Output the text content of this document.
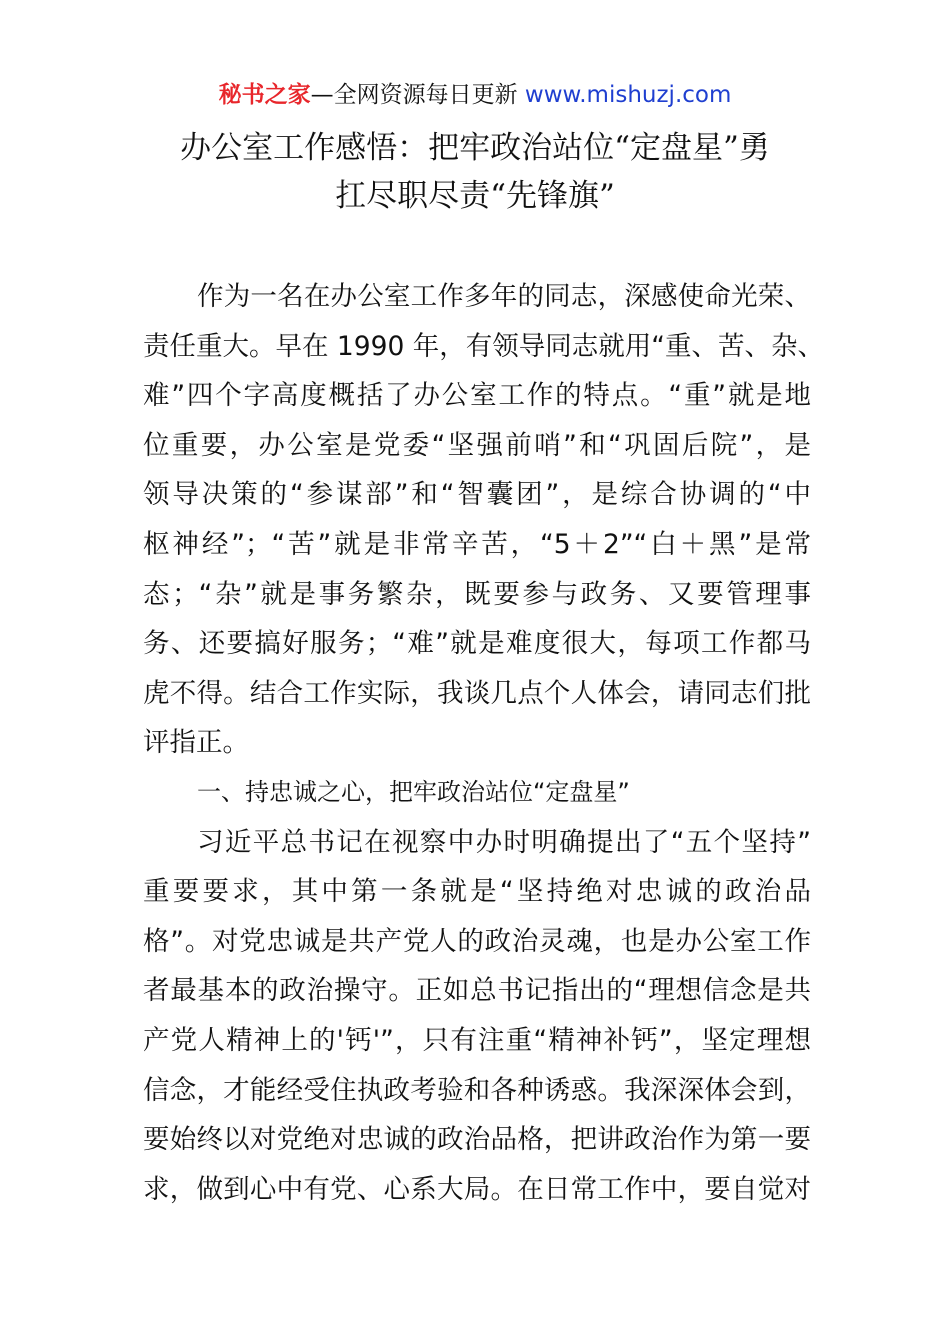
秘书之家—全网资源每日更新 www.mishuzj.com
办公室工作感悟：把牢政治站位“定盘星”勇
扛尽职尽责“先锋旗”
作为一名在办公室工作多年的同志，深感使命光荣、
责任重大。早在 1990 年，有领导同志就用“重、苦、杂、
难”四个字高度概括了办公室工作的特点。“重”就是地
位重要，办公室是党委“坚强前哨”和“巩固后院”，是
领导决策的“参谋部”和“智囊团”，是综合协调的“中
枢神经”；“苦”就是非常辛苦，“5＋2”“白＋黑”是常
态；“杂”就是事务繁杂，既要参与政务、又要管理事
务、还要搞好服务；“难”就是难度很大，每项工作都马
虎不得。结合工作实际，我谈几点个人体会，请同志们批
评指正。
一、持忠诚之心，把牢政治站位“定盘星”
习近平总书记在视察中办时明确提出了“五个坚持”
重要要求，其中第一条就是“坚持绝对忠诚的政治品
格”。对党忠诚是共产党人的政治灵魂，也是办公室工作
者最基本的政治操守。正如总书记指出的“理想信念是共
产党人精神上的'钙'”，只有注重“精神补钙”，坚定理想
信念，才能经受住执政考验和各种诱惑。我深深体会到，
要始终以对党绝对忠诚的政治品格，把讲政治作为第一要
求，做到心中有党、心系大局。在日常工作中，要自觉对
